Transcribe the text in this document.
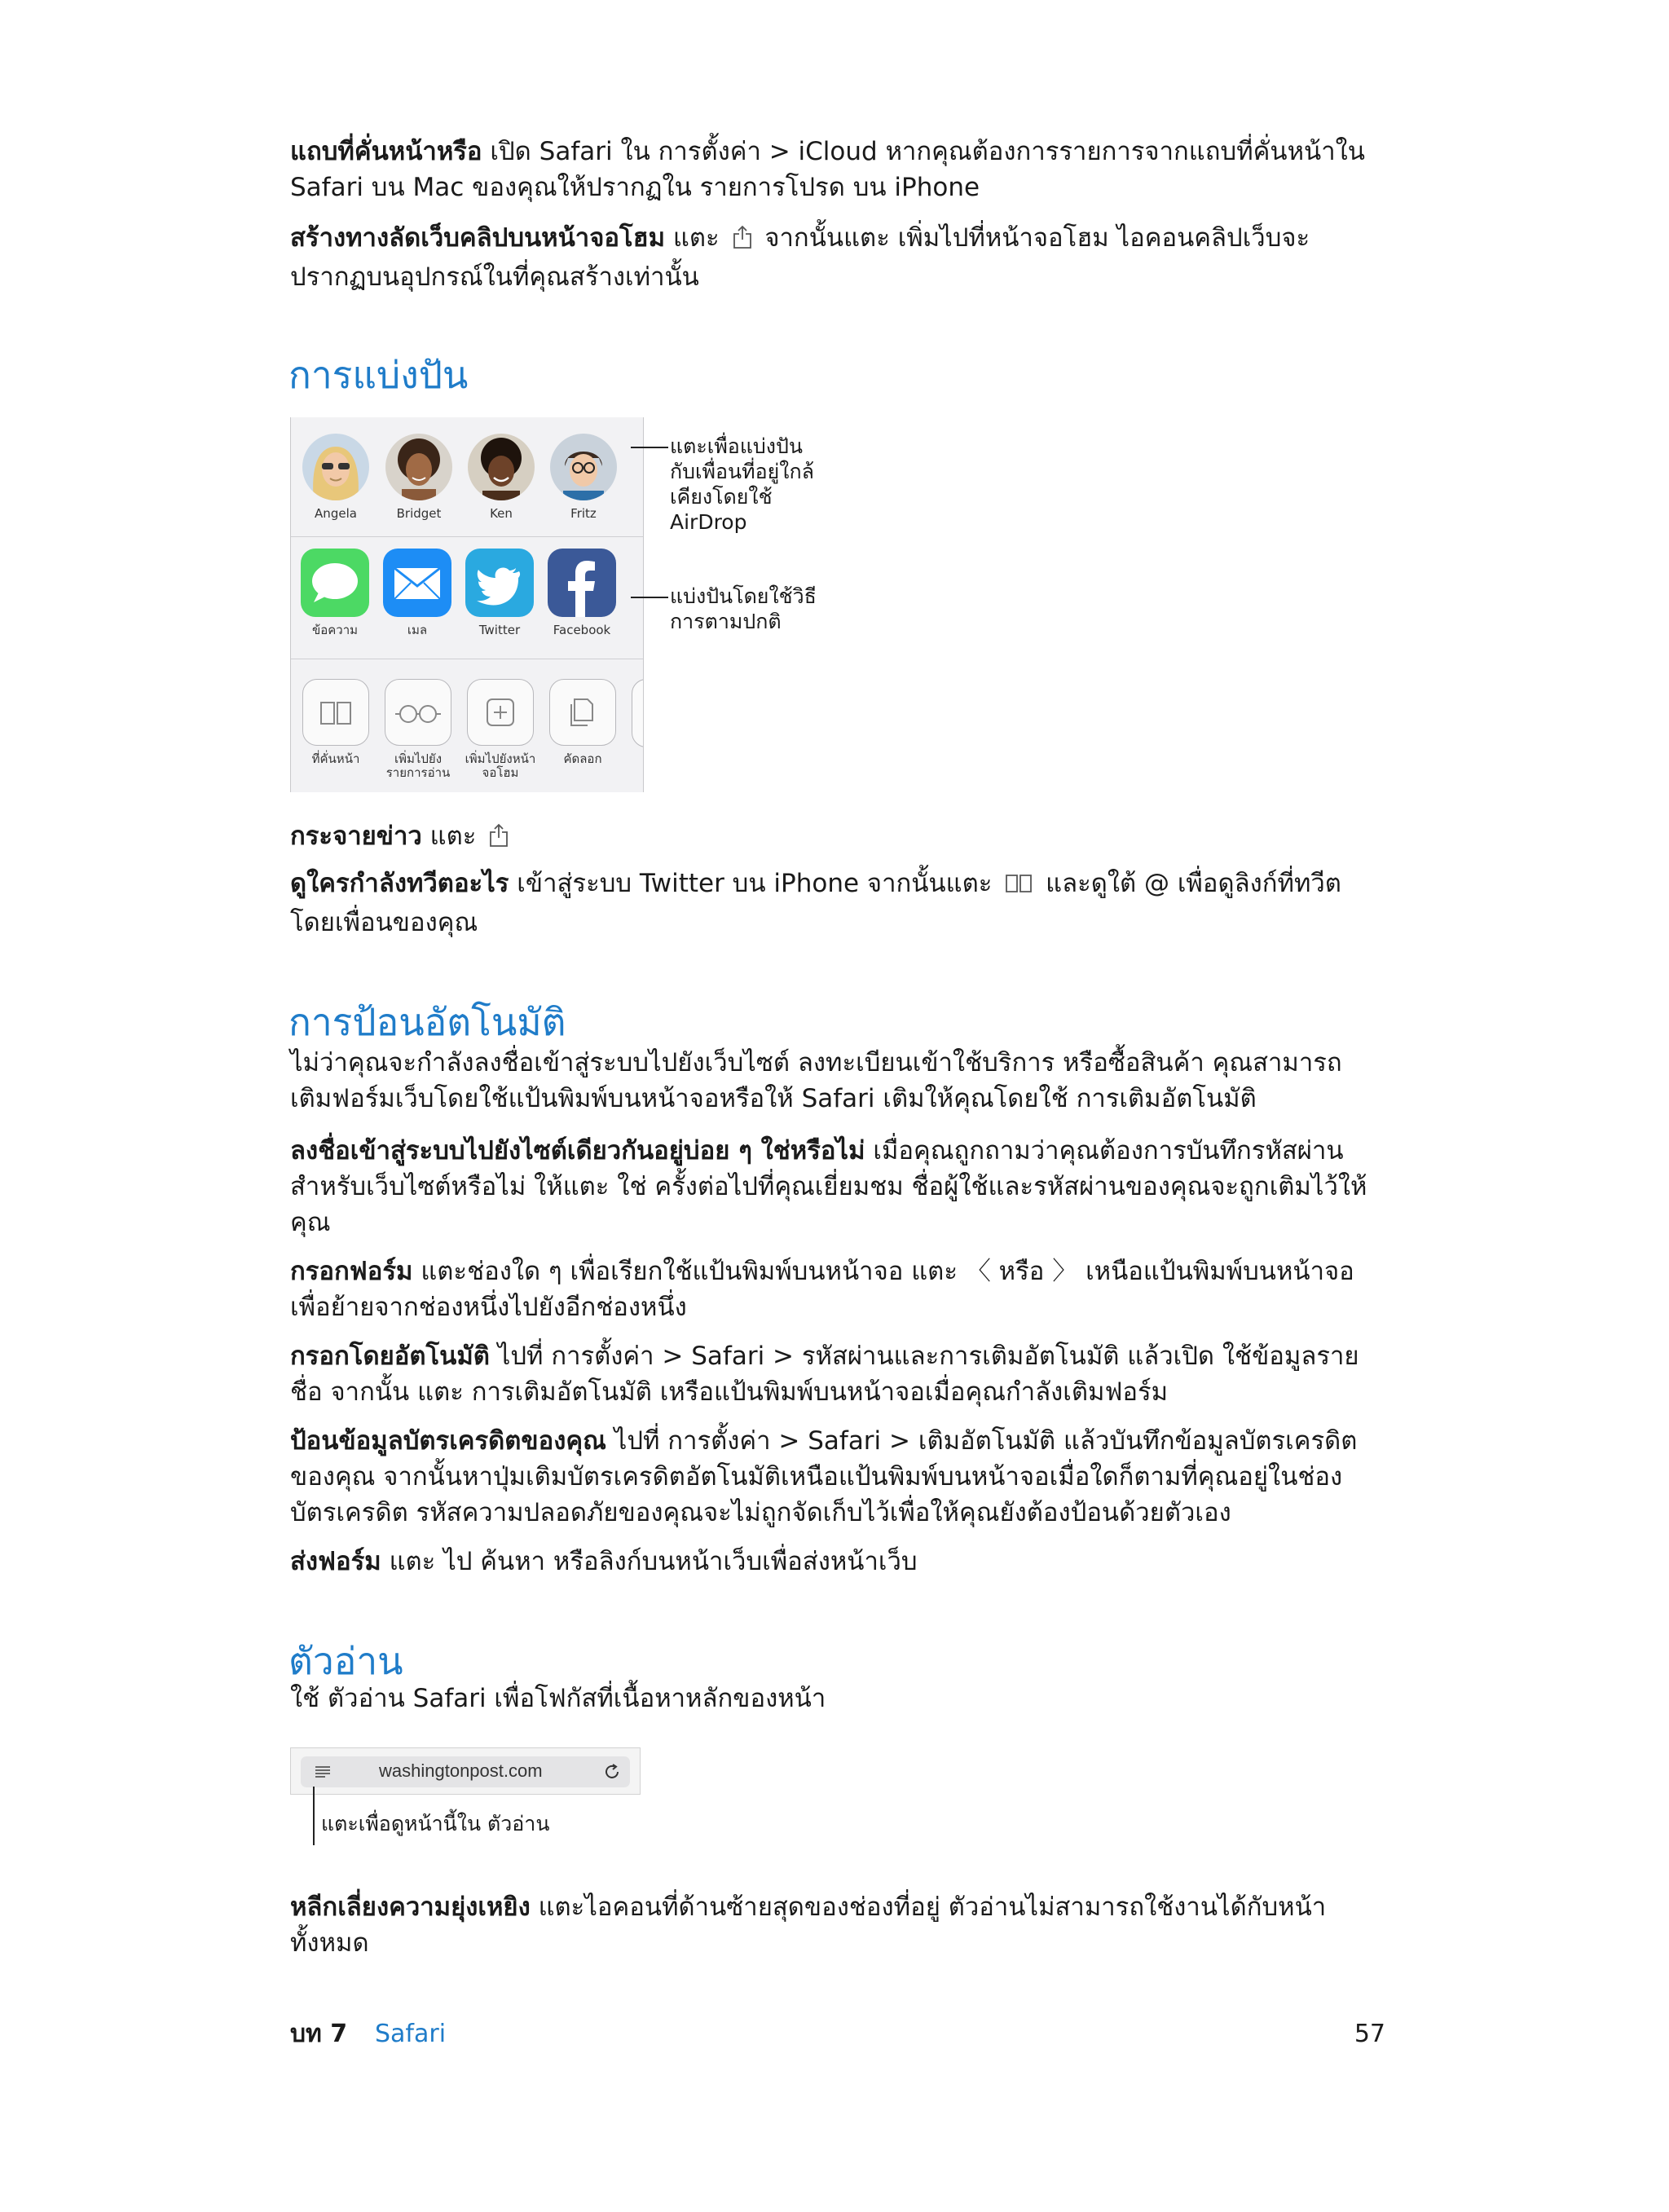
แถบที่คั่นหน้าหรือ เปิด Safari ใน การตั้งค่า > iCloud หากคุณต้องการรายการจากแถบที่คั่นหน้าใน Safari บน Mac ของคุณให้ปรากฏใน รายการโปรด บน iPhone

สร้างทางลัดเว็บคลิปบนหน้าจอโฮม แตะ  จากนั้นแตะ เพิ่มไปที่หน้าจอโฮม ไอคอนคลิปเว็บจะปรากฏบนอุปกรณ์ในที่คุณสร้างเท่านั้น

การแบ่งปัน
Angela	Bridget	Ken	Fritz
ข้อความ	เมล	Twitter	Facebook
ที่คั่นหน้า	เพิ่มไปยังรายการอ่าน
เพิ่มไปยังหน้าจอโฮม
คัดลอก
แตะเพื่อแบ่งปันกับเพื่อนที่อยู่ใกล้เคียงโดยใช้ AirDrop
แบ่งปันโดยใช้วิธีการตามปกติ

กระจายข่าว แตะ

ดูใครกำลังทวีตอะไร เข้าสู่ระบบ Twitter บน iPhone จากนั้นแตะ  และดูใต้ @ เพื่อดูลิงก์ที่ทวีตโดยเพื่อนของคุณ

การป้อนอัตโนมัติ

ไม่ว่าคุณจะกำลังลงชื่อเข้าสู่ระบบไปยังเว็บไซต์ ลงทะเบียนเข้าใช้บริการ หรือซื้อสินค้า คุณสามารถเติมฟอร์มเว็บโดยใช้แป้นพิมพ์บนหน้าจอหรือให้ Safari เติมให้คุณโดยใช้ การเติมอัตโนมัติ

ลงชื่อเข้าสู่ระบบไปยังไซต์เดียวกันอยู่บ่อย ๆ ใช่หรือไม่ เมื่อคุณถูกถามว่าคุณต้องการบันทึกรหัสผ่านสำหรับเว็บไซต์หรือไม่ ให้แตะ ใช่ ครั้งต่อไปที่คุณเยี่ยมชม ชื่อผู้ใช้และรหัสผ่านของคุณจะถูกเติมไว้ให้คุณ

กรอกฟอร์ม แตะช่องใด ๆ เพื่อเรียกใช้แป้นพิมพ์บนหน้าจอ แตะ 〈 หรือ 〉 เหนือแป้นพิมพ์บนหน้าจอเพื่อย้ายจากช่องหนึ่งไปยังอีกช่องหนึ่ง

กรอกโดยอัตโนมัติ ไปที่ การตั้งค่า > Safari > รหัสผ่านและการเติมอัตโนมัติ แล้วเปิด ใช้ข้อมูลรายชื่อ จากนั้น แตะ การเติมอัตโนมัติ เหรือแป้นพิมพ์บนหน้าจอเมื่อคุณกำลังเติมฟอร์ม

ป้อนข้อมูลบัตรเครดิตของคุณ ไปที่ การตั้งค่า > Safari > เติมอัตโนมัติ แล้วบันทึกข้อมูลบัตรเครดิตของคุณ จากนั้นหาปุ่มเติมบัตรเครดิตอัตโนมัติเหนือแป้นพิมพ์บนหน้าจอเมื่อใดก็ตามที่คุณอยู่ในช่องบัตรเครดิต รหัสความปลอดภัยของคุณจะไม่ถูกจัดเก็บไว้เพื่อให้คุณยังต้องป้อนด้วยตัวเอง

ส่งฟอร์ม แตะ ไป ค้นหา หรือลิงก์บนหน้าเว็บเพื่อส่งหน้าเว็บ

ตัวอ่าน

ใช้ ตัวอ่าน Safari เพื่อโฟกัสที่เนื้อหาหลักของหน้า

washingtonpost.com
แตะเพื่อดูหน้านี้ใน ตัวอ่าน

หลีกเลี่ยงความยุ่งเหยิง แตะไอคอนที่ด้านซ้ายสุดของช่องที่อยู่ ตัวอ่านไม่สามารถใช้งานได้กับหน้าทั้งหมด

บท 7 Safari	57
